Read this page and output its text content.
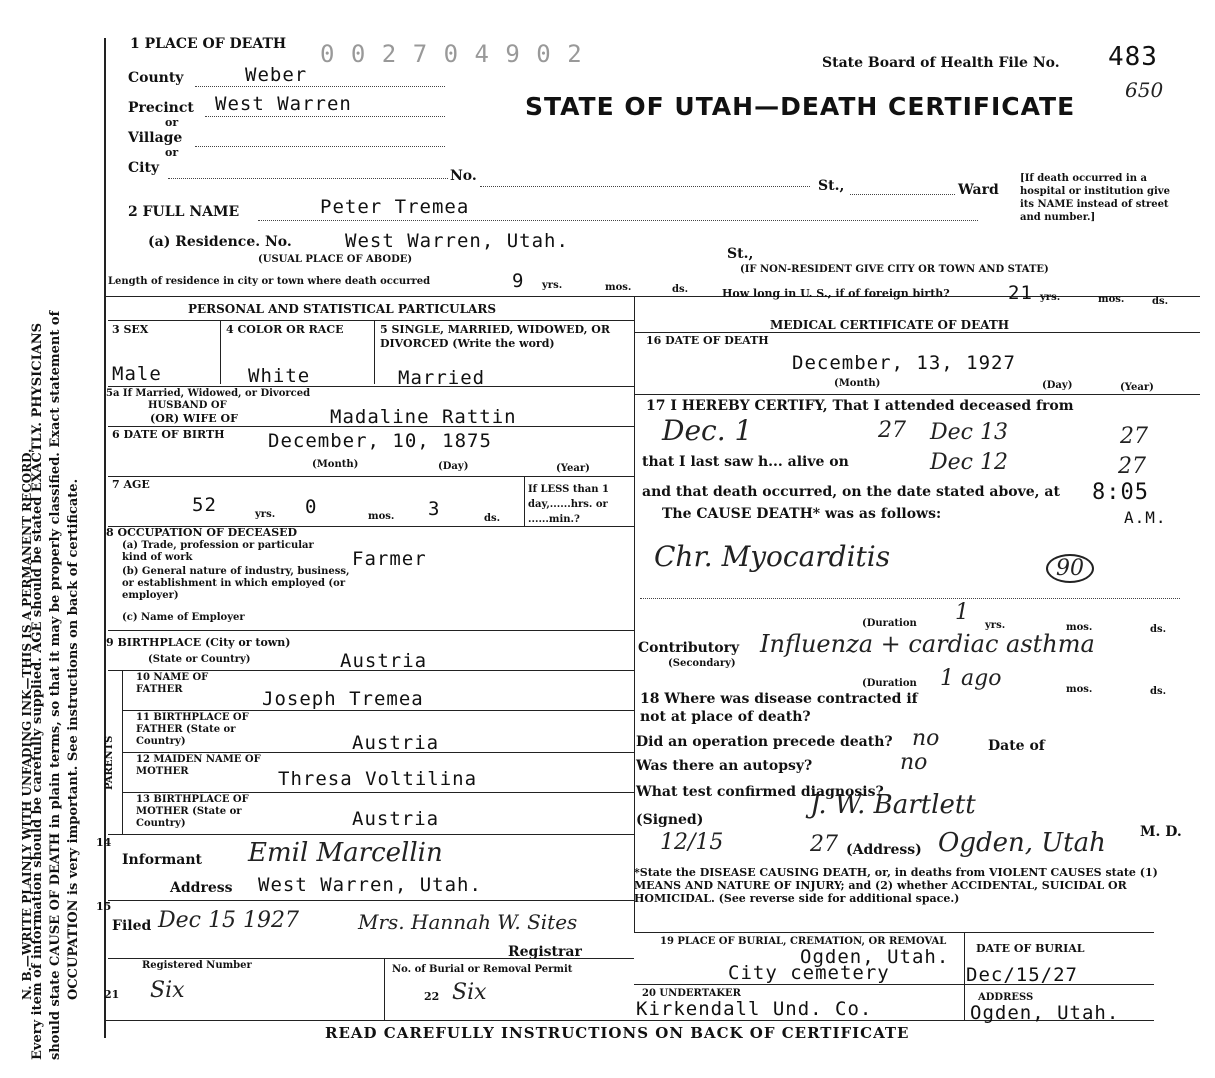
N. B.—WRITE PLAINLY WITH UNFADING INK—THIS IS A PERMANENT RECORD.
Every item of information should be carefully supplied. AGE should be stated EXACTLY. PHYSICIANS should state CAUSE OF DEATH in plain terms, so that it may be properly classified. Exact statement of OCCUPATION is very important. See instructions on back of certificate.
1 PLACE OF DEATH 0 0 2 7 0 4 9 0 2	State Board of Health File No. 483
650
STATE OF UTAH—DEATH CERTIFICATE
County	Weber
Precinct West Warren
or
Village
or
City	No.
St.,	Ward
[If death occurred in a hospital or institution give its NAME instead of street and number.]
2 FULL NAME	Peter Tremea
(a) Residence. No.	West Warren, Utah.
St.,
(USUAL PLACE OF ABODE)
(IF NON-RESIDENT GIVE CITY OR TOWN AND STATE)
Length of residence in city or town where death occurred	9 yrs.	mos.	ds.	How long in U. S., if of foreign birth?	21 yrs.	mos.	ds.
PERSONAL AND STATISTICAL PARTICULARS
3 SEX	4 COLOR OR RACE	5 SINGLE, MARRIED, WIDOWED, OR DIVORCED (Write the word)
Male	White	Married
5a If Married, Widowed, or Divorced
HUSBAND OF
(OR) WIFE OF	Madaline Rattin
6 DATE OF BIRTH December, 10, 1875
(Month)	(Day)	(Year)
7 AGE
52	yrs. 0	mos. 3	ds.
If LESS than 1 day,......hrs. or ......min.?
8 OCCUPATION OF DECEASED
(a) Trade, profession or particular kind of work	Farmer
(b) General nature of industry, business, or establishment in which employed (or employer)
(c) Name of Employer
9 BIRTHPLACE (City or town)
(State or Country)	Austria
PARENTS
10 NAME OF FATHER	Joseph Tremea
11 BIRTHPLACE OF FATHER (State or Country)	Austria
12 MAIDEN NAME OF MOTHER	Thresa Voltilina
13 BIRTHPLACE OF MOTHER (State or Country)	Austria
14
Informant Emil Marcellin
Address West Warren, Utah.
15
Filed Dec 15 1927	Mrs. Hannah W. Sites
Registrar
Registered Number
21 Six
No. of Burial or Removal Permit
22 Six
MEDICAL CERTIFICATE OF DEATH
16 DATE OF DEATH
December, 13, 1927
(Month)	(Day)	(Year)
17 I HEREBY CERTIFY, That I attended deceased from
Dec. 1	27 Dec 13	27
that I last saw h... alive on	Dec 12	27
and that death occurred, on the date stated above, at 8:05
The CAUSE DEATH* was as follows:	A.M.
Chr. Myocarditis	90
(Duration 1
yrs.	mos.	ds.
Contributory
(Secondary)
Influenza + cardiac asthma
(Duration 1 ago	mos.	ds.
18 Where was disease contracted if not at place of death?
Did an operation precede death? no	Date of
Was there an autopsy?	no
What test confirmed diagnosis?
(Signed)	J. W. Bartlett
M. D.
12/15	27 (Address) Ogden, Utah
*State the DISEASE CAUSING DEATH, or, in deaths from VIOLENT CAUSES state (1) MEANS AND NATURE OF INJURY; and (2) whether ACCIDENTAL, SUICIDAL OR HOMICIDAL. (See reverse side for additional space.)
19 PLACE OF BURIAL, CREMATION, OR REMOVAL
Ogden, Utah.
City cemetery
DATE OF BURIAL
Dec/15/27
20 UNDERTAKER
Kirkendall Und. Co.
ADDRESS
Ogden, Utah.
READ CAREFULLY INSTRUCTIONS ON BACK OF CERTIFICATE
